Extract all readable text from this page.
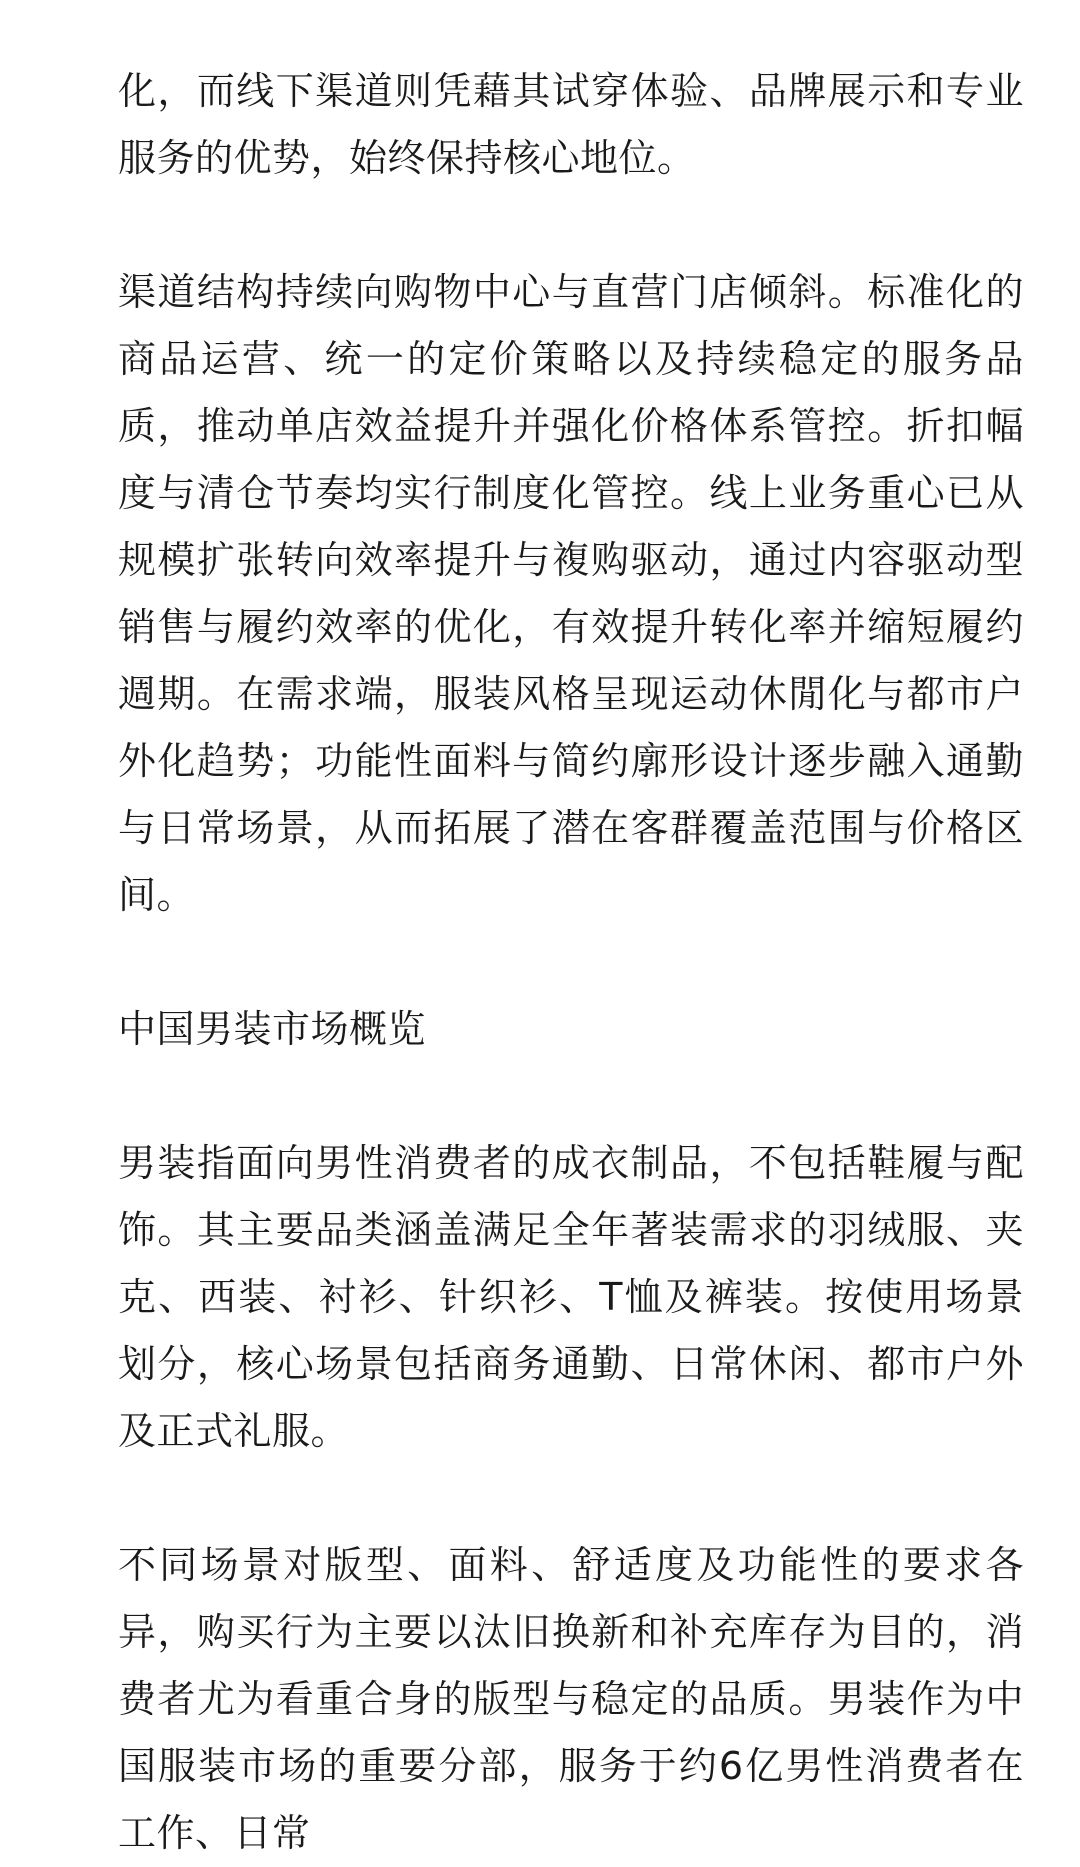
化，而线下渠道则凭藉其试穿体验、品牌展示和专业服务的优势，始终保持核心地位。

渠道结构持续向购物中心与直营门店倾斜。标准化的商品运营、统一的定价策略以及持续稳定的服务品质，推动单店效益提升并强化价格体系管控。折扣幅度与清仓节奏均实行制度化管控。线上业务重心已从规模扩张转向效率提升与複购驱动，通过内容驱动型销售与履约效率的优化，有效提升转化率并缩短履约週期。在需求端，服装风格呈现运动休閒化与都市户外化趋势；功能性面料与简约廓形设计逐步融入通勤与日常场景，从而拓展了潜在客群覆盖范围与价格区间。

中国男装市场概览

男装指面向男性消费者的成衣制品，不包括鞋履与配饰。其主要品类涵盖满足全年著装需求的羽绒服、夹克、西装、衬衫、针织衫、T恤及裤装。按使用场景划分，核心场景包括商务通勤、日常休闲、都市户外及正式礼服。

不同场景对版型、面料、舒适度及功能性的要求各异，购买行为主要以汰旧换新和补充库存为目的，消费者尤为看重合身的版型与稳定的品质。男装作为中国服装市场的重要分部，服务于约6亿男性消费者在工作、日常
